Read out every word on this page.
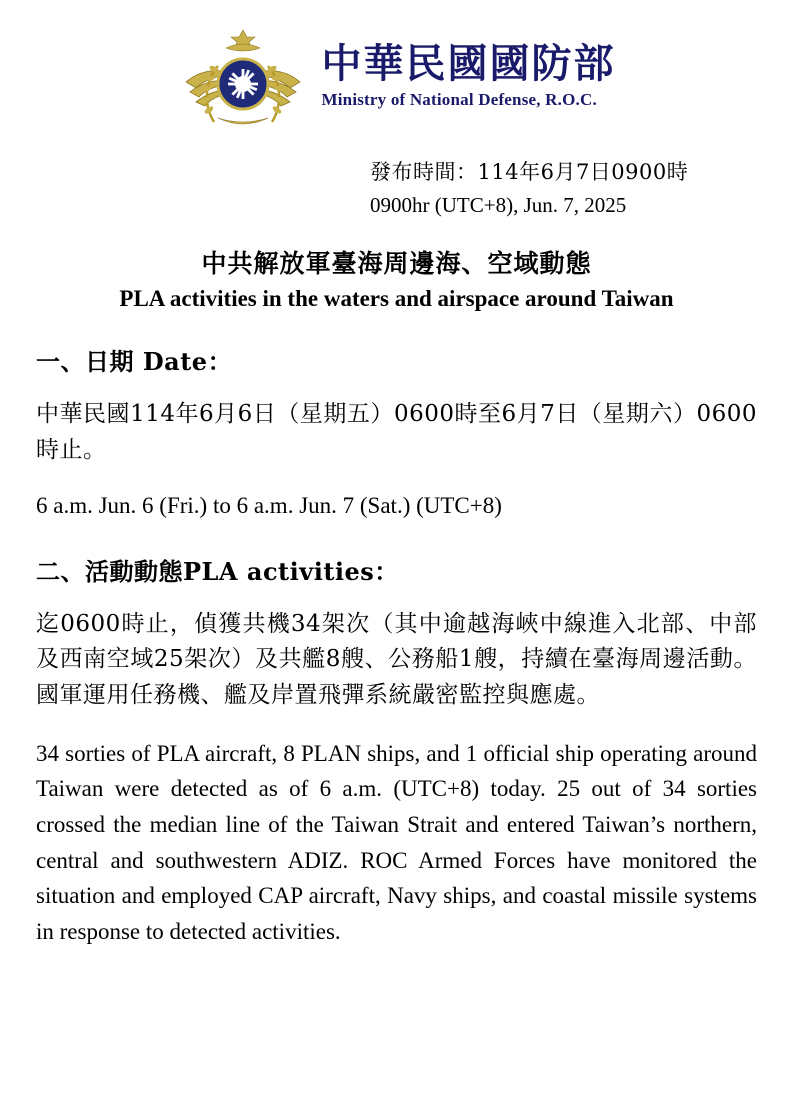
中華民國國防部
Ministry of National Defense, R.O.C.
發布時間：114年6月7日0900時
0900hr (UTC+8), Jun. 7, 2025
中共解放軍臺海周邊海、空域動態
PLA activities in the waters and airspace around Taiwan
一、日期 Date：
中華民國114年6月6日（星期五）0600時至6月7日（星期六）0600時止。
6 a.m. Jun. 6 (Fri.) to 6 a.m. Jun. 7 (Sat.) (UTC+8)
二、活動動態PLA activities：
迄0600時止，偵獲共機34架次（其中逾越海峽中線進入北部、中部及西南空域25架次）及共艦8艘、公務船1艘，持續在臺海周邊活動。國軍運用任務機、艦及岸置飛彈系統嚴密監控與應處。
34 sorties of PLA aircraft, 8 PLAN ships, and 1 official ship operating around Taiwan were detected as of 6 a.m. (UTC+8) today. 25 out of 34 sorties crossed the median line of the Taiwan Strait and entered Taiwan’s northern, central and southwestern ADIZ. ROC Armed Forces have monitored the situation and employed CAP aircraft, Navy ships, and coastal missile systems in response to detected activities.
